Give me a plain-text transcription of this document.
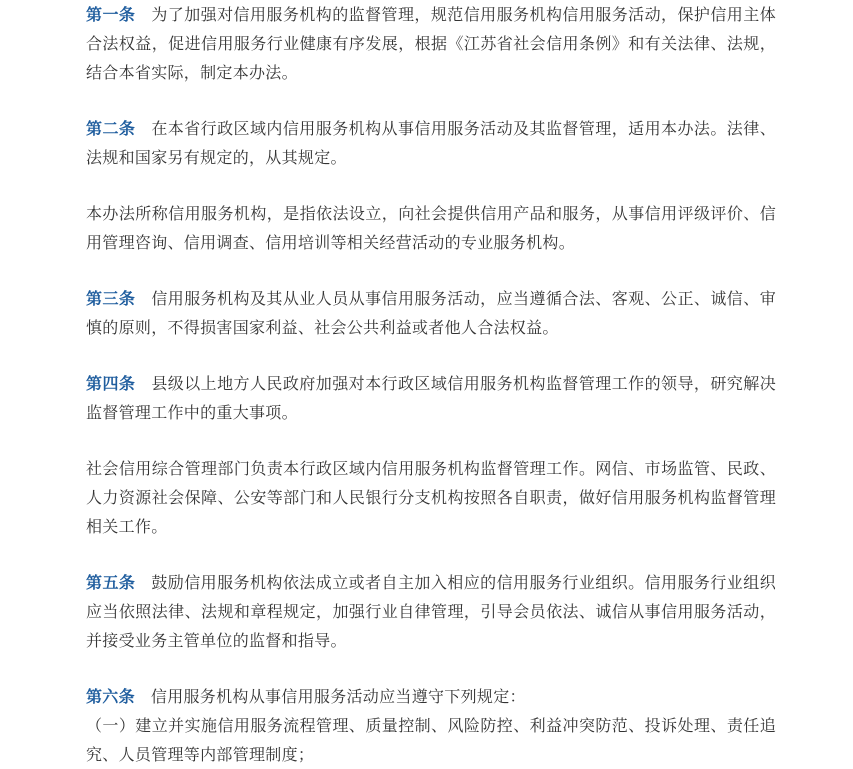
第一条 为了加强对信用服务机构的监督管理，规范信用服务机构信用服务活动，保护信用主体合法权益，促进信用服务行业健康有序发展，根据《江苏省社会信用条例》和有关法律、法规，结合本省实际，制定本办法。

第二条 在本省行政区域内信用服务机构从事信用服务活动及其监督管理，适用本办法。法律、法规和国家另有规定的，从其规定。

本办法所称信用服务机构，是指依法设立，向社会提供信用产品和服务，从事信用评级评价、信用管理咨询、信用调查、信用培训等相关经营活动的专业服务机构。

第三条 信用服务机构及其从业人员从事信用服务活动，应当遵循合法、客观、公正、诚信、审慎的原则，不得损害国家利益、社会公共利益或者他人合法权益。

第四条 县级以上地方人民政府加强对本行政区域信用服务机构监督管理工作的领导，研究解决监督管理工作中的重大事项。

社会信用综合管理部门负责本行政区域内信用服务机构监督管理工作。网信、市场监管、民政、人力资源社会保障、公安等部门和人民银行分支机构按照各自职责，做好信用服务机构监督管理相关工作。

第五条 鼓励信用服务机构依法成立或者自主加入相应的信用服务行业组织。信用服务行业组织应当依照法律、法规和章程规定，加强行业自律管理，引导会员依法、诚信从事信用服务活动，并接受业务主管单位的监督和指导。

第六条 信用服务机构从事信用服务活动应当遵守下列规定：

（一）建立并实施信用服务流程管理、质量控制、风险防控、利益冲突防范、投诉处理、责任追究、人员管理等内部管理制度；
